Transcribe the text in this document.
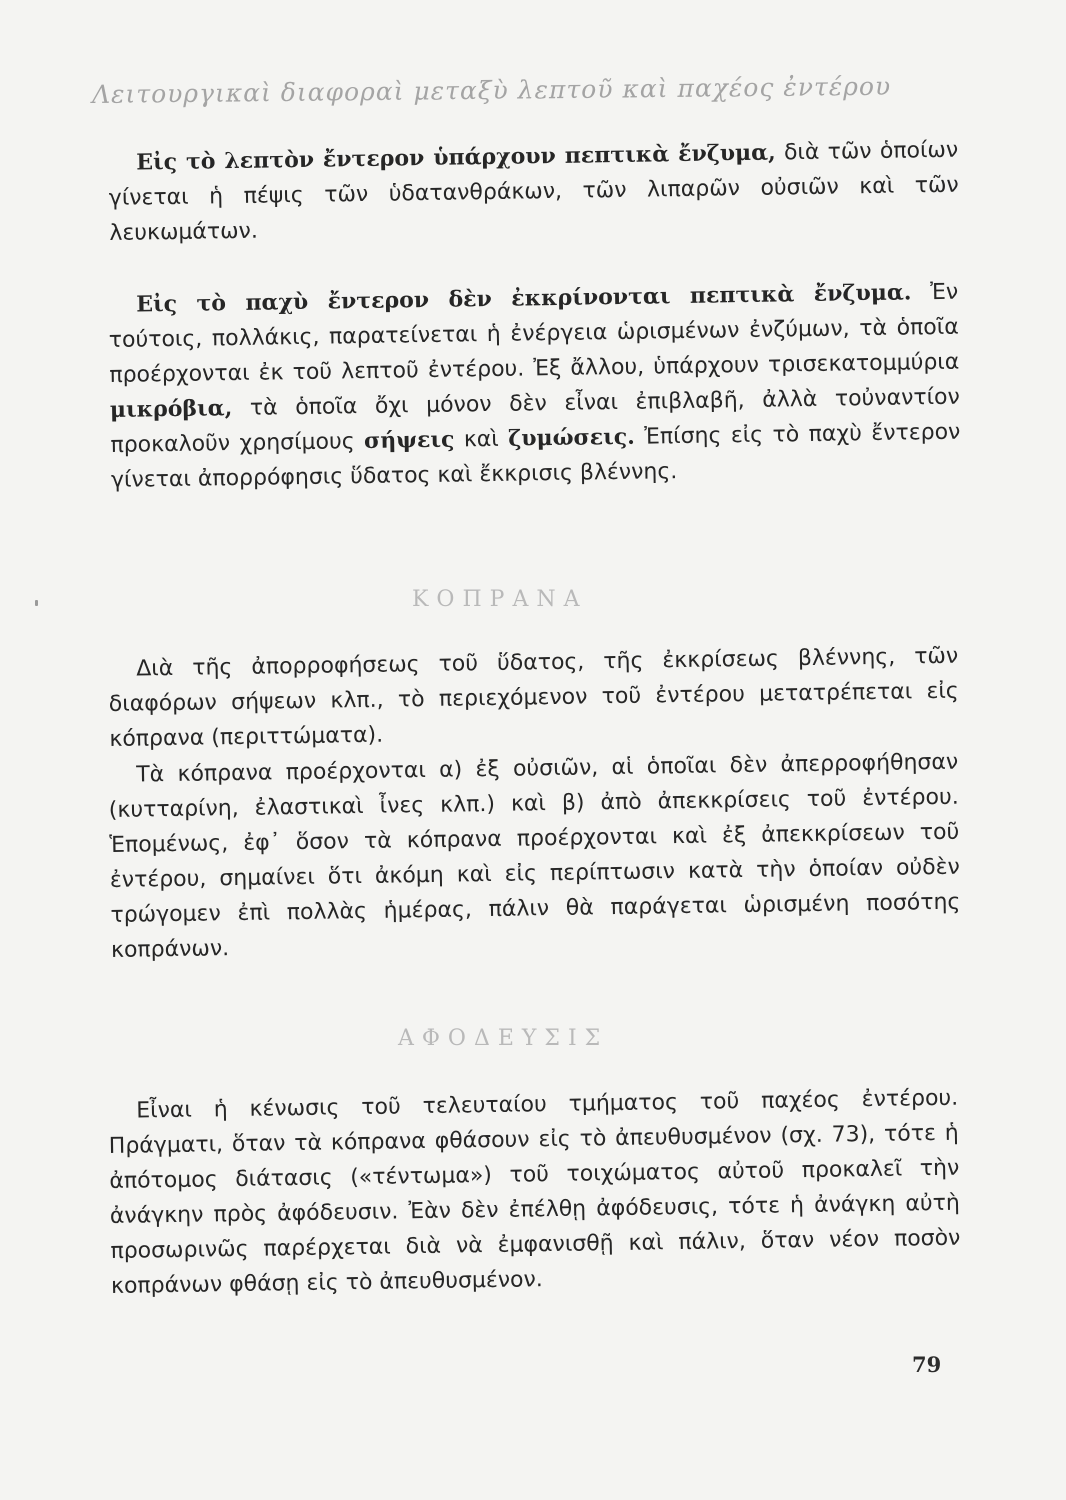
Λειτουργικαὶ διαφοραὶ μεταξὺ λεπτοῦ καὶ παχέος ἐντέρου
Εἰς τὸ λεπτὸν ἔντερον ὑπάρχουν πεπτικὰ ἔνζυμα, διὰ τῶν ὁποίων γίνεται ἡ πέψις τῶν ὑδατανθράκων, τῶν λιπαρῶν οὐσιῶν καὶ τῶν λευκωμάτων.
Εἰς τὸ παχὺ ἔντερον δὲν ἐκκρίνονται πεπτικὰ ἔνζυμα. Ἐν τούτοις, πολλάκις, παρατείνεται ἡ ἐνέργεια ὡρισμένων ἐνζύμων, τὰ ὁποῖα προέρχονται ἐκ τοῦ λεπτοῦ ἐντέρου. Ἐξ ἄλλου, ὑπάρχουν τρισεκατομμύρια μικρόβια, τὰ ὁποῖα ὄχι μόνον δὲν εἶναι ἐπιβλαβῆ, ἀλλὰ τοὐναντίον προκαλοῦν χρησίμους σήψεις καὶ ζυμώσεις. Ἐπίσης εἰς τὸ παχὺ ἔντερον γίνεται ἀπορρόφησις ὕδατος καὶ ἔκκρισις βλέννης.
ΚΟΠΡΑΝΑ
Διὰ τῆς ἀπορροφήσεως τοῦ ὕδατος, τῆς ἐκκρίσεως βλέννης, τῶν διαφόρων σήψεων κλπ., τὸ περιεχόμενον τοῦ ἐντέρου μετατρέπεται εἰς κόπρανα (περιττώματα).
Τὰ κόπρανα προέρχονται α) ἐξ οὐσιῶν, αἱ ὁποῖαι δὲν ἀπερροφήθησαν (κυτταρίνη, ἐλαστικαὶ ἶνες κλπ.) καὶ β) ἀπὸ ἀπεκκρίσεις τοῦ ἐντέρου. Ἑπομένως, ἐφ᾽ ὅσον τὰ κόπρανα προέρχονται καὶ ἐξ ἀπεκκρίσεων τοῦ ἐντέρου, σημαίνει ὅτι ἀκόμη καὶ εἰς περίπτωσιν κατὰ τὴν ὁποίαν οὐδὲν τρώγομεν ἐπὶ πολλὰς ἡμέρας, πάλιν θὰ παράγεται ὡρισμένη ποσότης κοπράνων.
ΑΦΟΔΕΥΣΙΣ
Εἶναι ἡ κένωσις τοῦ τελευταίου τμήματος τοῦ παχέος ἐντέρου. Πράγματι, ὅταν τὰ κόπρανα φθάσουν εἰς τὸ ἀπευθυσμένον (σχ. 73), τότε ἡ ἀπότομος διάτασις («τέντωμα») τοῦ τοιχώματος αὐτοῦ προκαλεῖ τὴν ἀνάγκην πρὸς ἀφόδευσιν. Ἐὰν δὲν ἐπέλθῃ ἀφόδευσις, τότε ἡ ἀνάγκη αὐτὴ προσωρινῶς παρέρχεται διὰ νὰ ἐμφανισθῇ καὶ πάλιν, ὅταν νέον ποσὸν κοπράνων φθάσῃ εἰς τὸ ἀπευθυσμένον.
79
